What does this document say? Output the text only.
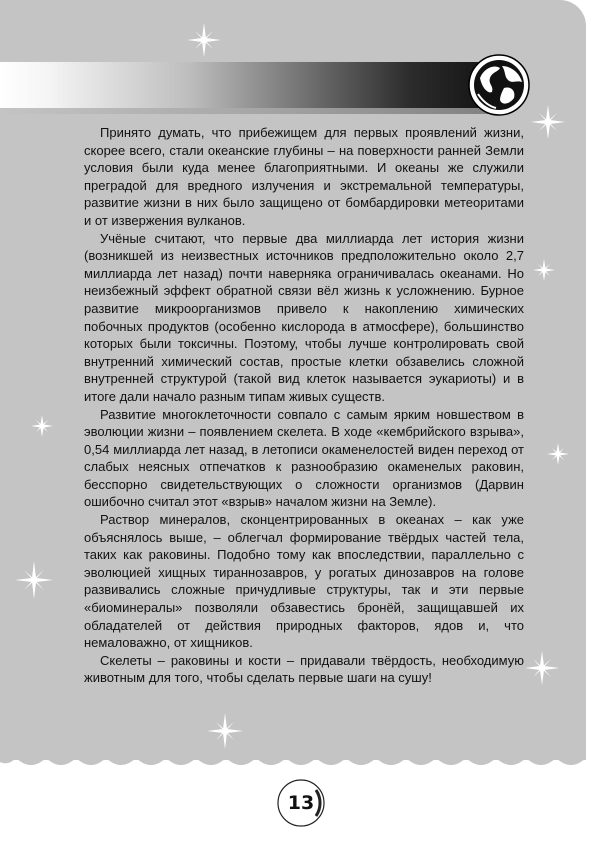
Принято думать, что прибежищем для первых проявлений жизни, скорее всего, стали океанские глубины – на поверхности ранней Земли условия были куда менее благоприятными. И океаны же служили преградой для вредного излучения и экстремальной температуры, развитие жизни в них было защищено от бомбардировки метеоритами и от извержения вулканов.

Учёные считают, что первые два миллиарда лет история жизни (возникшей из неизвестных источников предположительно около 2,7 миллиарда лет назад) почти наверняка ограничивалась океанами. Но неизбежный эффект обратной связи вёл жизнь к усложнению. Бурное развитие микроорганизмов привело к накоплению химических побочных продуктов (особенно кислорода в атмосфере), большинство которых были токсичны. Поэтому, чтобы лучше контролировать свой внутренний химический состав, простые клетки обзавелись сложной внутренней структурой (такой вид клеток называется эукариоты) и в итоге дали начало разным типам живых существ.

Развитие многоклеточности совпало с самым ярким новшеством в эволюции жизни – появлением скелета. В ходе «кембрийского взрыва», 0,54 миллиарда лет назад, в летописи окаменелостей виден переход от слабых неясных отпечатков к разнообразию окаменелых раковин, бесспорно свидетельствующих о сложности организмов (Дарвин ошибочно считал этот «взрыв» началом жизни на Земле).

Раствор минералов, сконцентрированных в океанах – как уже объяснялось выше, – облегчал формирование твёрдых частей тела, таких как раковины. Подобно тому как впоследствии, параллельно с эволюцией хищных тираннозавров, у рогатых динозавров на голове развивались сложные причудливые структуры, так и эти первые «биоминералы» позволяли обзавестись бронёй, защищавшей их обладателей от действия природных факторов, ядов и, что немаловажно, от хищников.

Скелеты – раковины и кости – придавали твёрдость, необходимую животным для того, чтобы сделать первые шаги на сушу!

13
